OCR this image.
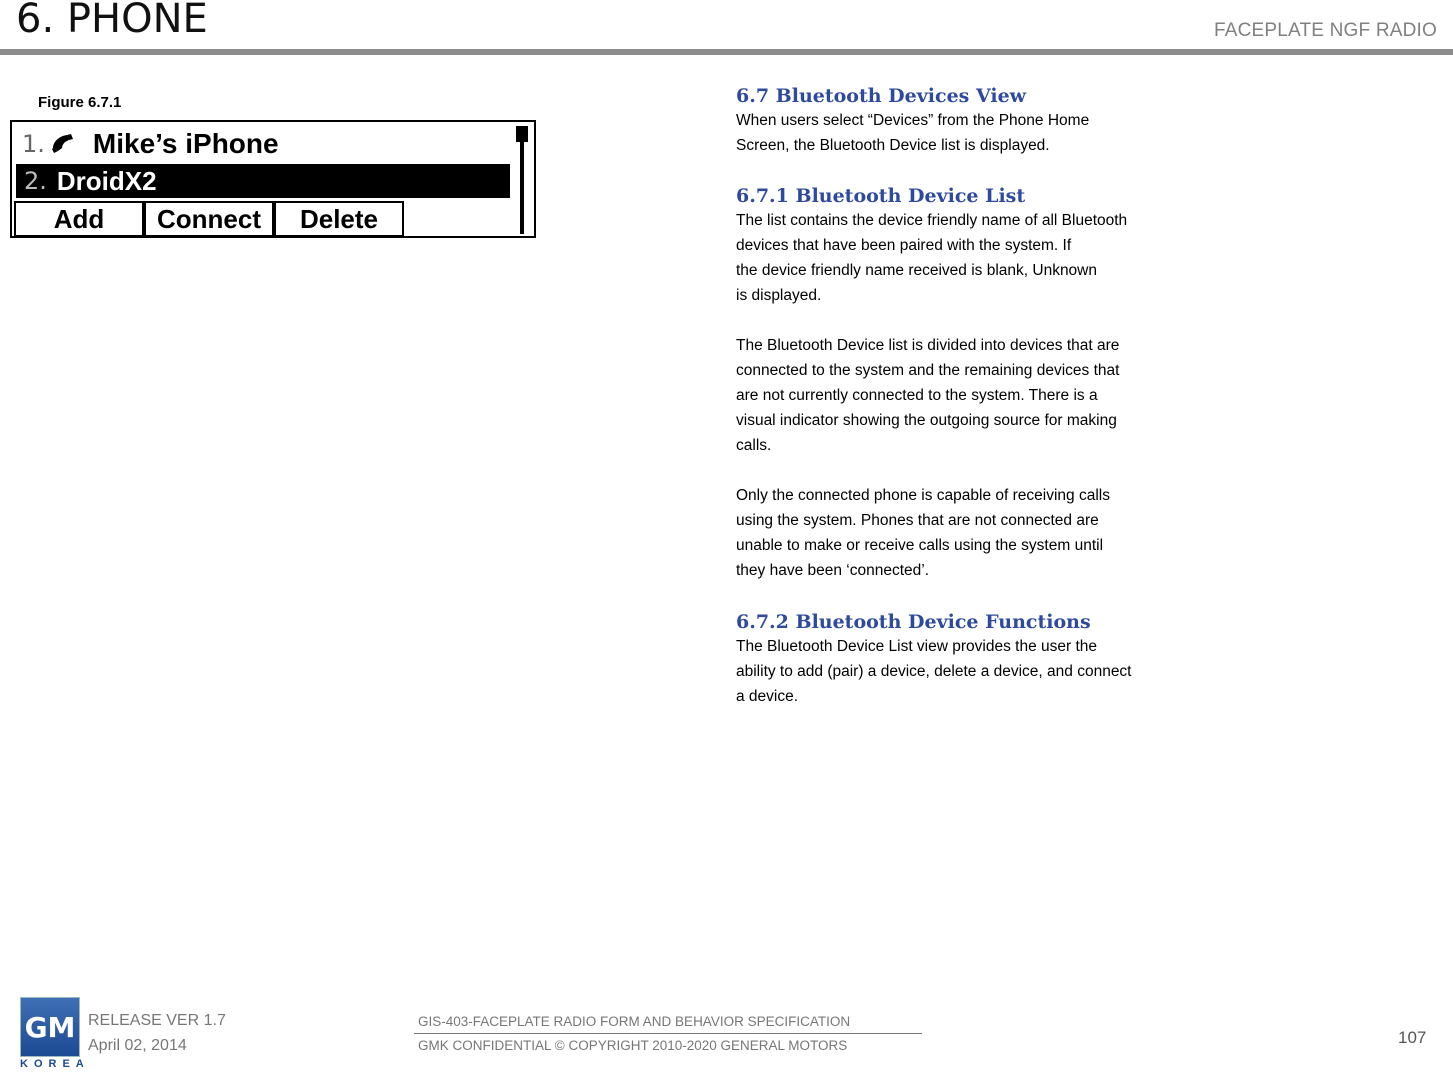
6. PHONE	FACEPLATE NGF RADIO
Figure 6.7.1
1. Mike’s iPhone
2. DroidX2
Add	Connect	Delete
6.7 Bluetooth Devices View

When users select “Devices” from the Phone Home
Screen, the Bluetooth Device list is displayed.

6.7.1 Bluetooth Device List

The list contains the device friendly name of all Bluetooth
devices that have been paired with the system. If
the device friendly name received is blank, Unknown
is displayed.

The Bluetooth Device list is divided into devices that are
connected to the system and the remaining devices that
are not currently connected to the system. There is a
visual indicator showing the outgoing source for making
calls.

Only the connected phone is capable of receiving calls
using the system. Phones that are not connected are
unable to make or receive calls using the system until
they have been ‘connected’.

6.7.2 Bluetooth Device Functions

The Bluetooth Device List view provides the user the
ability to add (pair) a device, delete a device, and connect
a device.

GM
KOREA
RELEASE VER 1.7
April 02, 2014
GIS-403-FACEPLATE RADIO FORM AND BEHAVIOR SPECIFICATION
GMK CONFIDENTIAL © COPYRIGHT 2010-2020 GENERAL MOTORS	107
